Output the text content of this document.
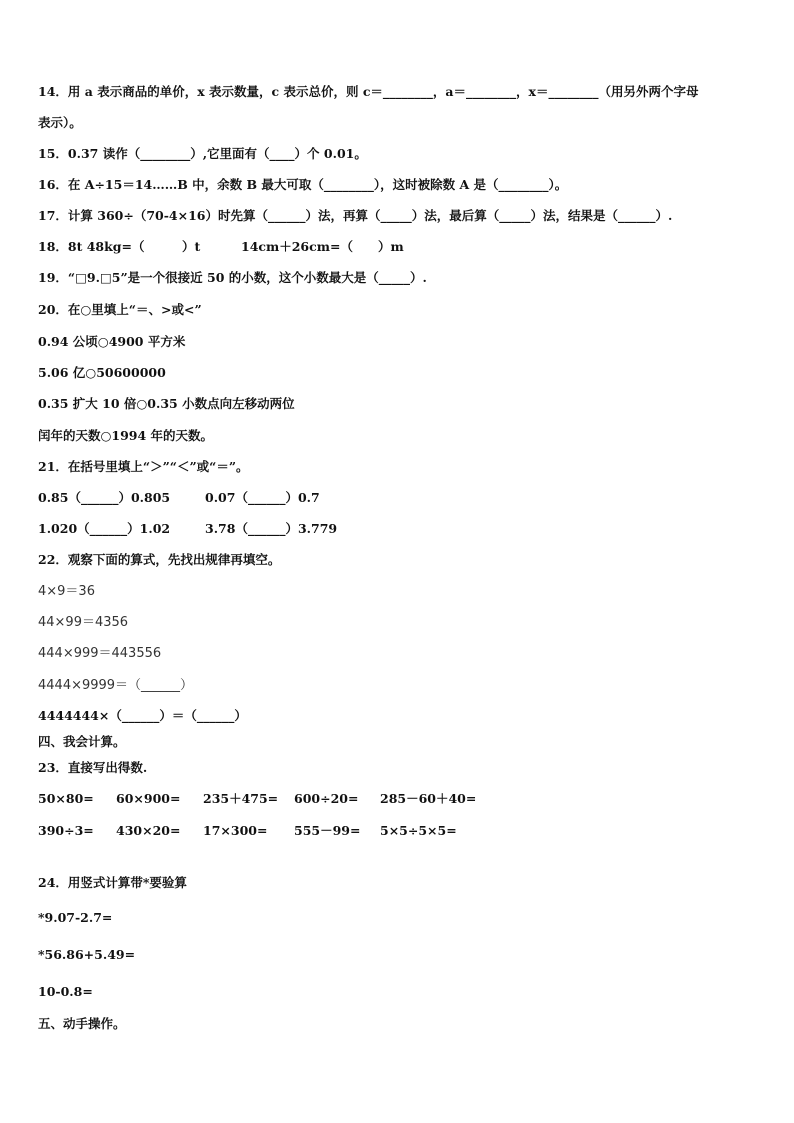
14．用 a 表示商品的单价，x 表示数量，c 表示总价，则 c＝________，a＝________，x＝________（用另外两个字母
表示）。
15．0.37 读作（________）,它里面有（____）个 0.01。
16．在 A÷15＝14……B 中，余数 B 最大可取（________），这时被除数 A 是（________）。
17．计算 360÷（70-4×16）时先算（______）法，再算（_____）法，最后算（_____）法，结果是（______）.
18．8t 48kg=（　　　）t	14cm＋26cm=（　　）m
19．“□9.□5”是一个很接近 50 的小数，这个小数最大是（_____）.
20．在○里填上“＝、>或<”
0.94 公顷○4900 平方米
5.06 亿○50600000
0.35 扩大 10 倍○0.35 小数点向左移动两位
闰年的天数○1994 年的天数。
21．在括号里填上“＞”“＜”或“＝”。
0.85（______）0.805	0.07（______）0.7
1.020（______）1.02	3.78（______）3.779
22．观察下面的算式，先找出规律再填空。
4×9＝36
44×99＝4356
444×999＝443556
4444×9999＝（______）
4444444×（______）＝（______）
四、我会计算。
23．直接写出得数.
50×80= 60×900= 235＋475= 600÷20= 285－60＋40=
390÷3= 430×20= 17×300= 555－99= 5×5÷5×5=
24．用竖式计算带*要验算
*9.07-2.7=
*56.86+5.49=
10-0.8=
五、动手操作。
